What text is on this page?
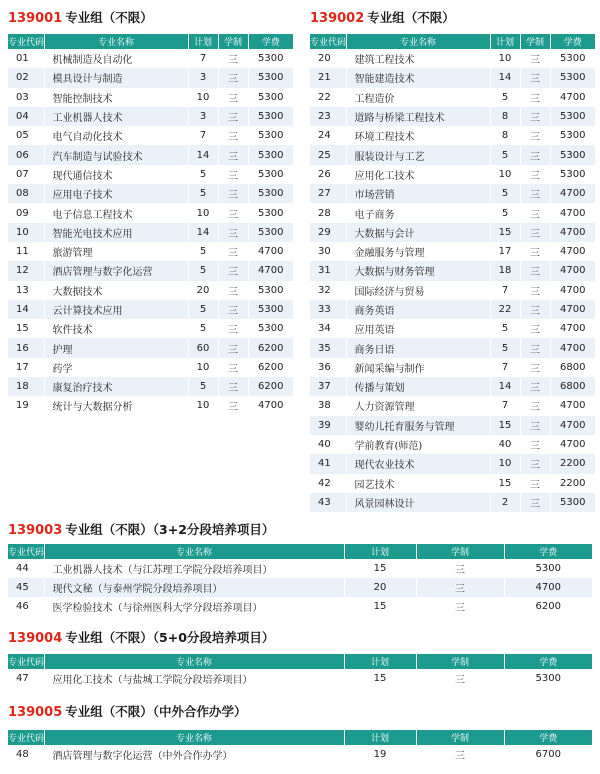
139001 专业组（不限）
专业代码	专业名称	计划	学制	学费
01	机械制造及自动化	7	三	5300
02	模具设计与制造	3	三	5300
03	智能控制技术	10	三	5300
04	工业机器人技术	3	三	5300
05	电气自动化技术	7	三	5300
06	汽车制造与试验技术	14	三	5300
07	现代通信技术	5	三	5300
08	应用电子技术	5	三	5300
09	电子信息工程技术	10	三	5300
10	智能光电技术应用	14	三	5300
11	旅游管理	5	三	4700
12	酒店管理与数字化运营	5	三	4700
13	大数据技术	20	三	5300
14	云计算技术应用	5	三	5300
15	软件技术	5	三	5300
16	护理	60	三	6200
17	药学	10	三	6200
18	康复治疗技术	5	三	6200
19	统计与大数据分析	10	三	4700
139002 专业组（不限）
专业代码	专业名称	计划	学制	学费
20	建筑工程技术	10	三	5300
21	智能建造技术	14	三	5300
22	工程造价	5	三	4700
23	道路与桥梁工程技术	8	三	5300
24	环境工程技术	8	三	5300
25	服装设计与工艺	5	三	5300
26	应用化工技术	10	三	5300
27	市场营销	5	三	4700
28	电子商务	5	三	4700
29	大数据与会计	15	三	4700
30	金融服务与管理	17	三	4700
31	大数据与财务管理	18	三	4700
32	国际经济与贸易	7	三	4700
33	商务英语	22	三	4700
34	应用英语	5	三	4700
35	商务日语	5	三	4700
36	新闻采编与制作	7	三	6800
37	传播与策划	14	三	6800
38	人力资源管理	7	三	4700
39	婴幼儿托育服务与管理	15	三	4700
40	学前教育(师范)	40	三	4700
41	现代农业技术	10	三	2200
42	园艺技术	15	三	2200
43	风景园林设计	2	三	5300
139003 专业组（不限）（3+2分段培养项目）
专业代码	专业名称	计划	学制	学费
44	工业机器人技术（与江苏理工学院分段培养项目）	15	三	5300
45	现代文秘（与泰州学院分段培养项目）	20	三	4700
46	医学检验技术（与徐州医科大学分段培养项目）	15	三	6200
139004 专业组（不限）（5+0分段培养项目）
专业代码	专业名称	计划	学制	学费
47	应用化工技术（与盐城工学院分段培养项目）	15	三	5300
139005 专业组（不限）（中外合作办学）
专业代码	专业名称	计划	学制	学费
48	酒店管理与数字化运营（中外合作办学）	19	三	6700
